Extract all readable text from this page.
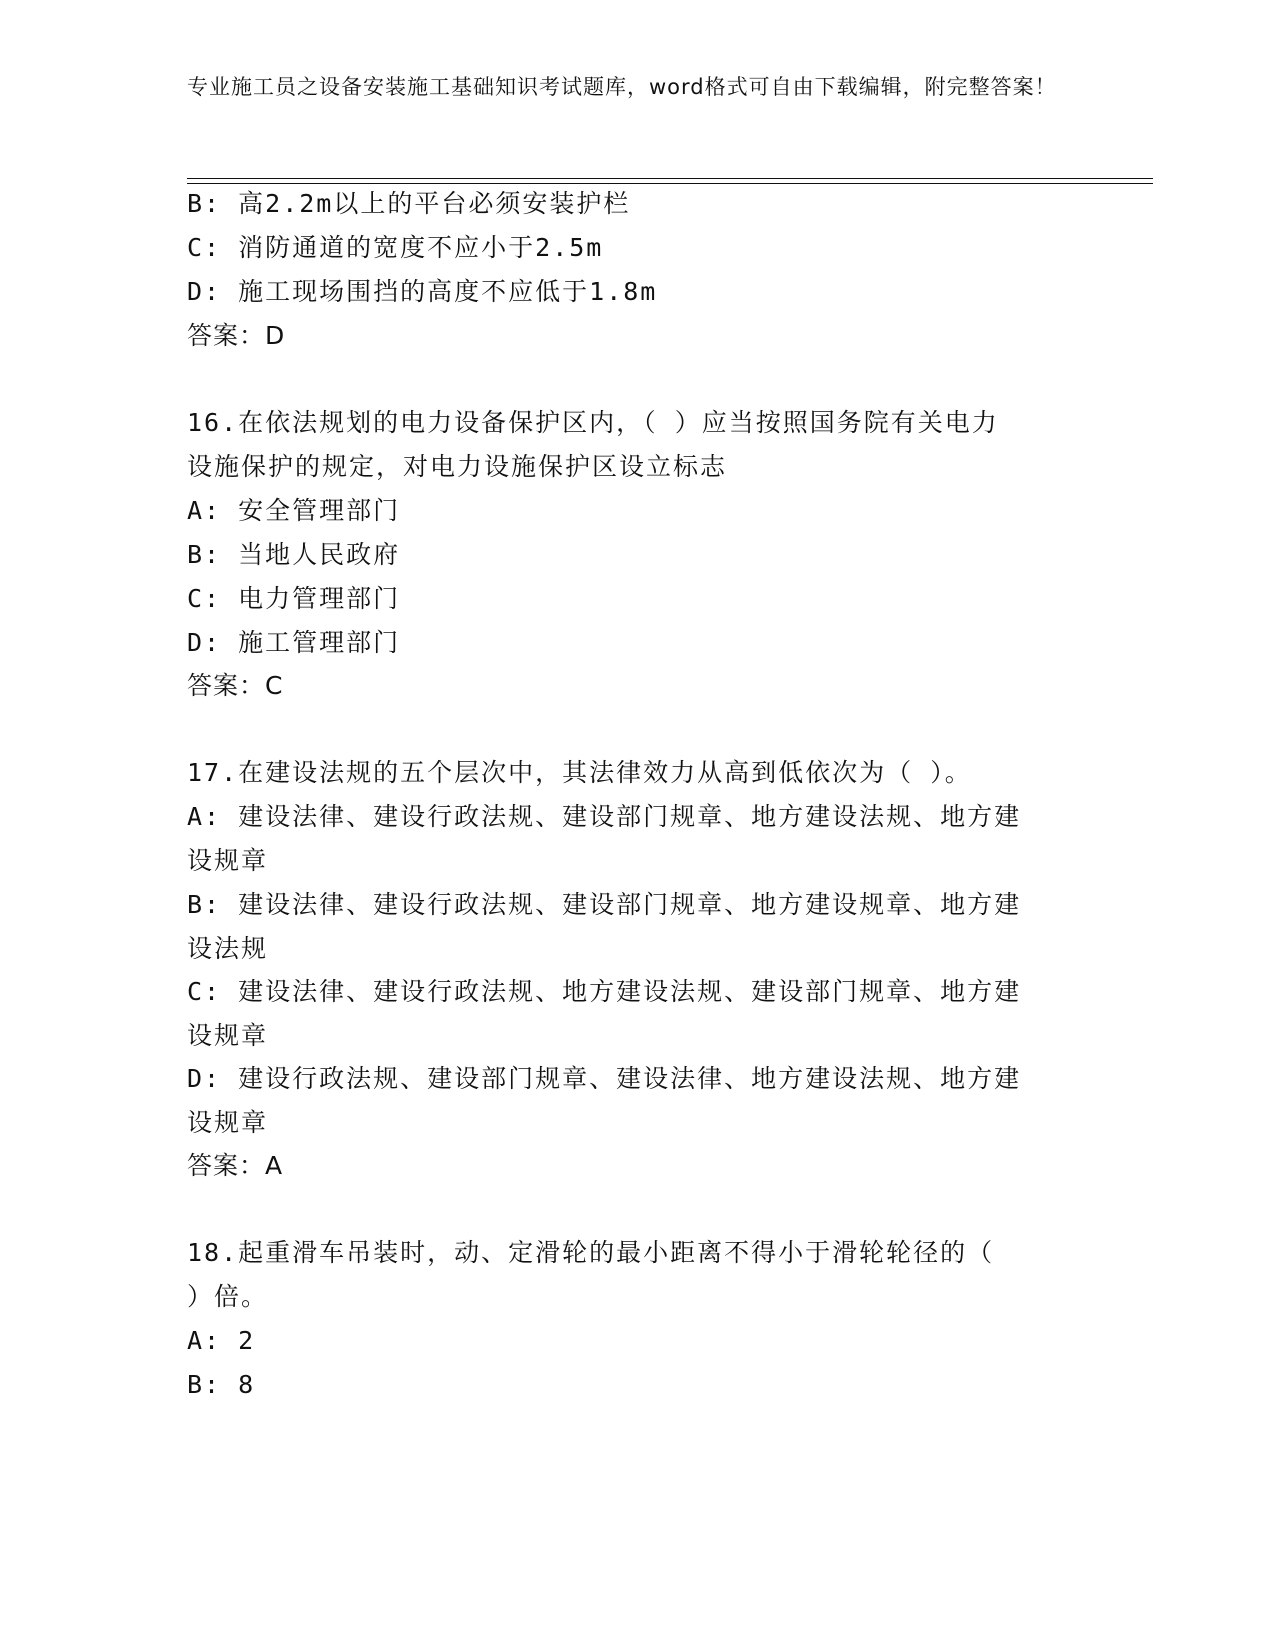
专业施工员之设备安装施工基础知识考试题库，word格式可自由下载编辑，附完整答案！
B: 高2.2m以上的平台必须安装护栏
C: 消防通道的宽度不应小于2.5m
D: 施工现场围挡的高度不应低于1.8m
答案：D
16.在依法规划的电力设备保护区内，（ ）应当按照国务院有关电力
设施保护的规定，对电力设施保护区设立标志
A: 安全管理部门
B: 当地人民政府
C: 电力管理部门
D: 施工管理部门
答案：C
17.在建设法规的五个层次中，其法律效力从高到低依次为（ ）。
A: 建设法律、建设行政法规、建设部门规章、地方建设法规、地方建
设规章
B: 建设法律、建设行政法规、建设部门规章、地方建设规章、地方建
设法规
C: 建设法律、建设行政法规、地方建设法规、建设部门规章、地方建
设规章
D: 建设行政法规、建设部门规章、建设法律、地方建设法规、地方建
设规章
答案：A
18.起重滑车吊装时，动、定滑轮的最小距离不得小于滑轮轮径的（
）倍。
A: 2
B: 8
